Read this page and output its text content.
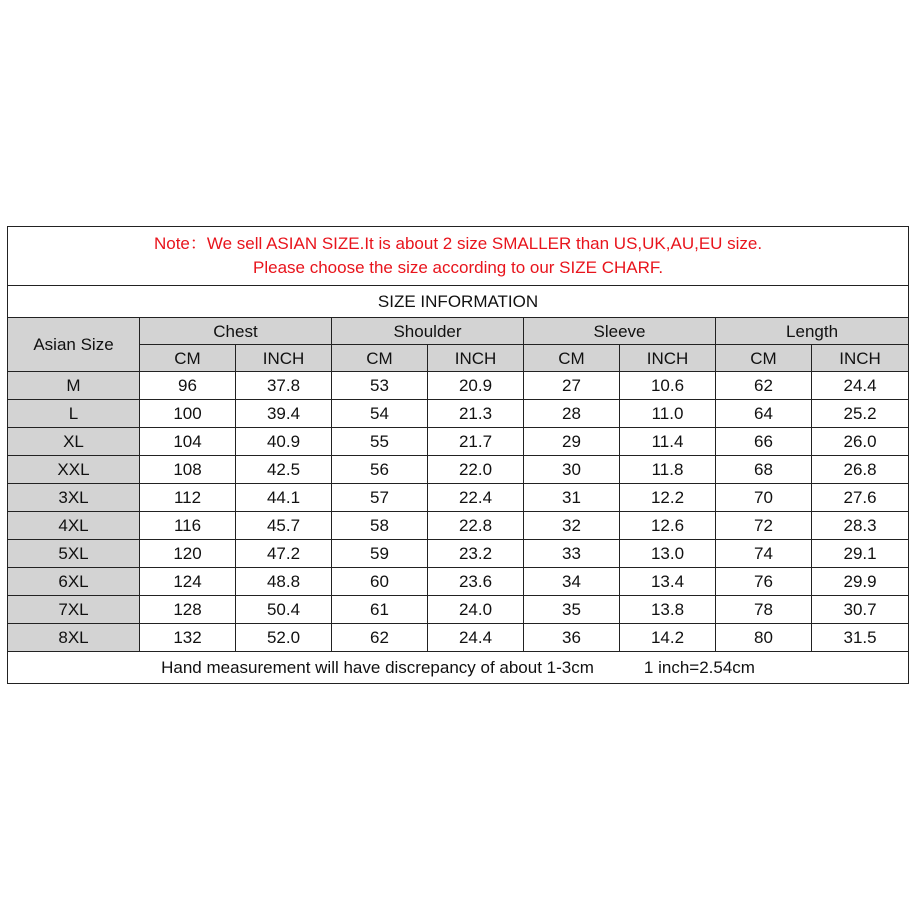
Note：We sell ASIAN SIZE.It is about 2 size SMALLER than US,UK,AU,EU size.
Please choose the size according to our SIZE CHARF.								

SIZE INFORMATION								
Asian Size	Chest		Shoulder		Sleeve		Length	
	CM	INCH	CM	INCH	CM	INCH	CM	INCH
M	96	37.8	53	20.9	27	10.6	62	24.4
L	100	39.4	54	21.3	28	11.0	64	25.2
XL	104	40.9	55	21.7	29	11.4	66	26.0
XXL	108	42.5	56	22.0	30	11.8	68	26.8
3XL	112	44.1	57	22.4	31	12.2	70	27.6
4XL	116	45.7	58	22.8	32	12.6	72	28.3
5XL	120	47.2	59	23.2	33	13.0	74	29.1
6XL	124	48.8	60	23.6	34	13.4	76	29.9
7XL	128	50.4	61	24.0	35	13.8	78	30.7
8XL	132	52.0	62	24.4	36	14.2	80	31.5
Hand measurement will have discrepancy of about 1-3cm 1 inch=2.54cm								
